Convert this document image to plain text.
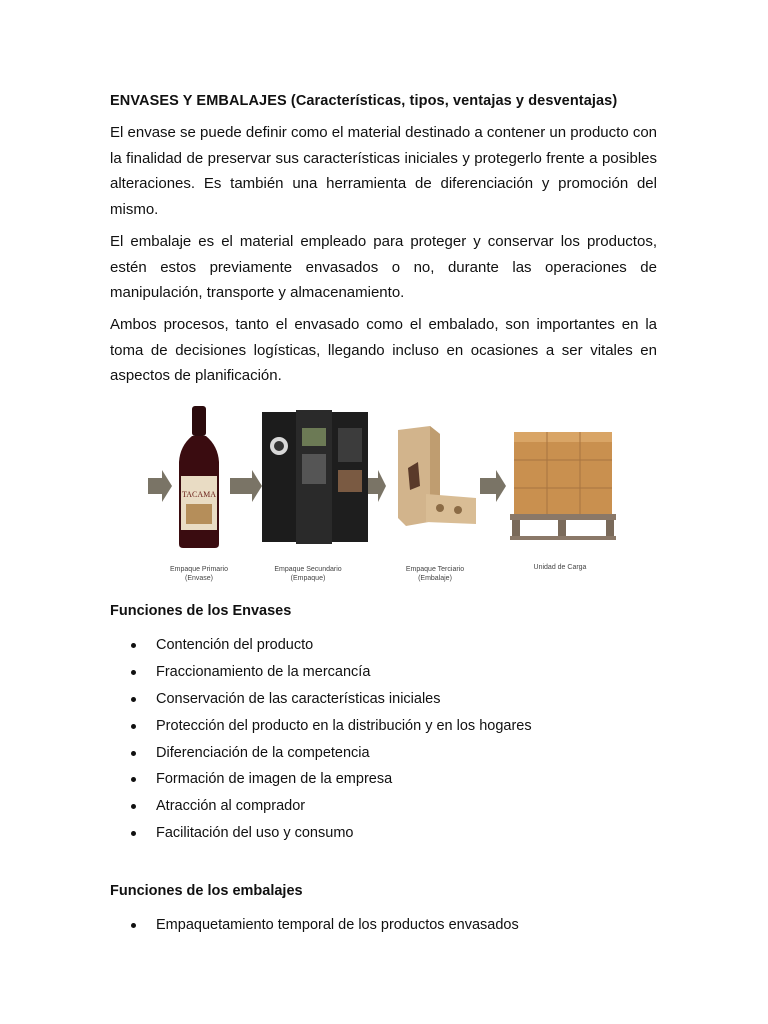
ENVASES Y EMBALAJES (Características, tipos, ventajas y desventajas)

El envase se puede definir como el material destinado a contener un producto con la finalidad de preservar sus características iniciales y protegerlo frente a posibles alteraciones. Es también una herramienta de diferenciación y promoción del mismo.

El embalaje es el material empleado para proteger y conservar los productos, estén estos previamente envasados o no, durante las operaciones de manipulación, transporte y almacenamiento.

Ambos procesos, tanto el envasado como el embalado, son importantes en la toma de decisiones logísticas, llegando incluso en ocasiones a ser vitales en aspectos de planificación.

TACAMA
Empaque Primario
(Envase)
Empaque Secundario
(Empaque)
Empaque Terciario
(Embalaje)
Unidad de Carga
Funciones de los Envases
Contención del producto
Fraccionamiento de la mercancía
Conservación de las características iniciales
Protección del producto en la distribución y en los hogares
Diferenciación de la competencia
Formación de imagen de la empresa
Atracción al comprador
Facilitación del uso y consumo
Funciones de los embalajes
Empaquetamiento temporal de los productos envasados
